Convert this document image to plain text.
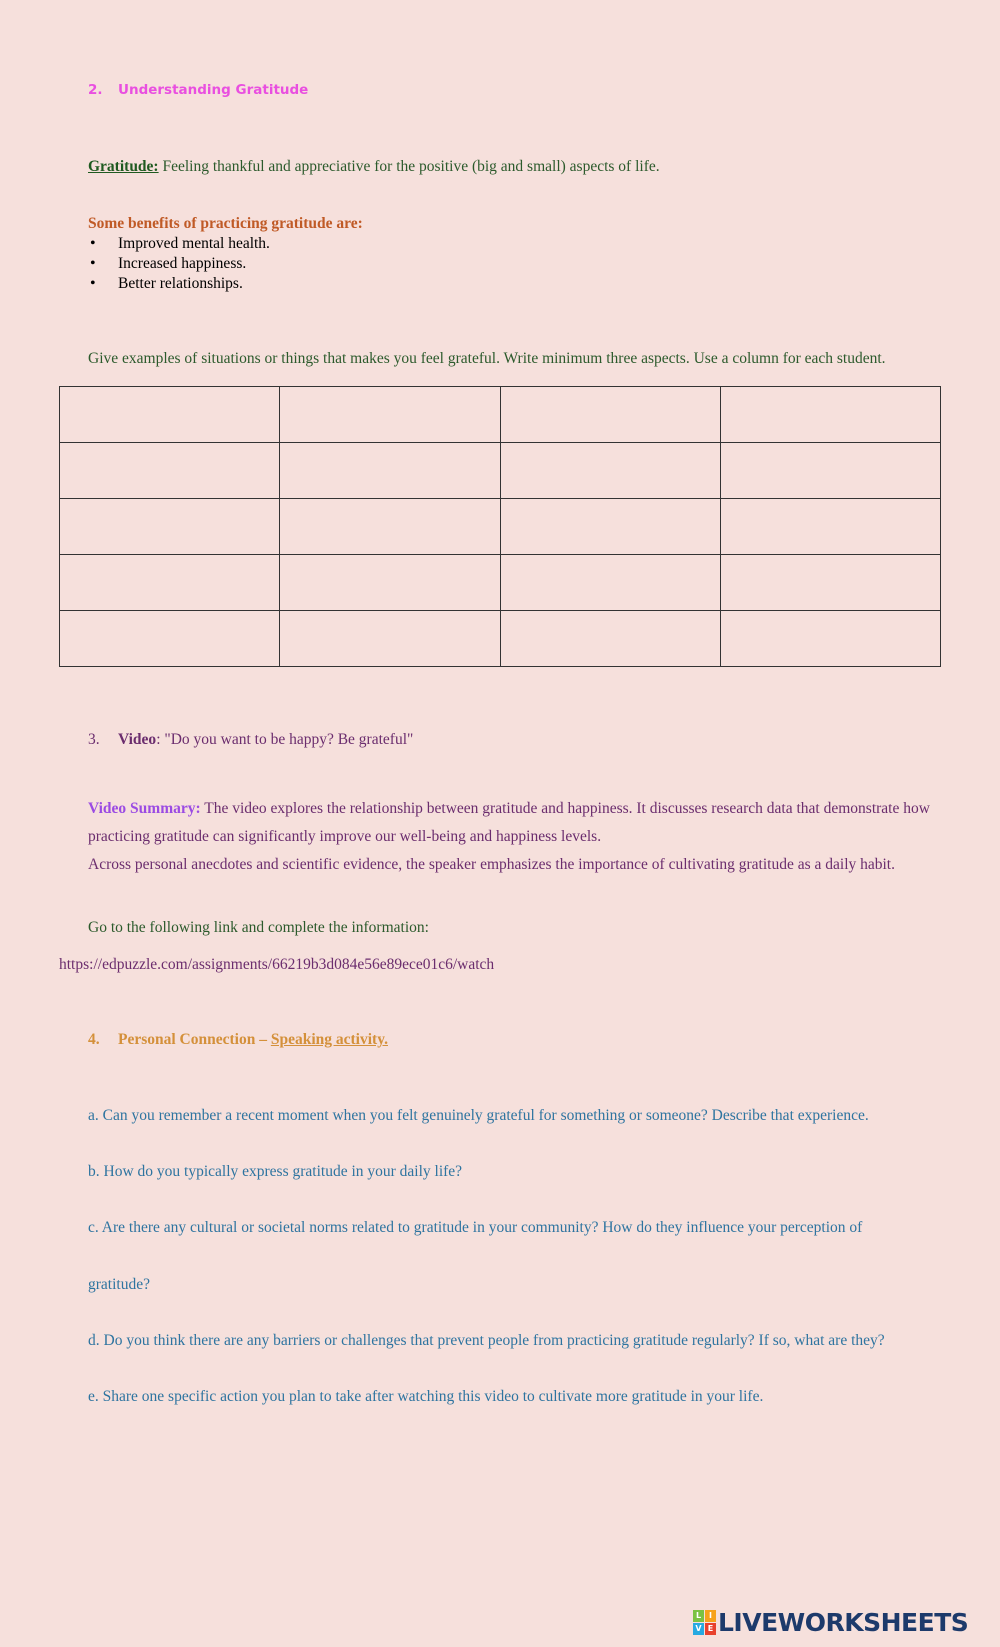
2. Understanding Gratitude
Gratitude: Feeling thankful and appreciative for the positive (big and small) aspects of life.
Some benefits of practicing gratitude are:
• Improved mental health.
• Increased happiness.
• Better relationships.
Give examples of situations or things that makes you feel grateful. Write minimum three aspects. Use a column for each student.

3. Video: "Do you want to be happy? Be grateful"
Video Summary: The video explores the relationship between gratitude and happiness. It discusses research data that demonstrate how practicing gratitude can significantly improve our well-being and happiness levels.
Across personal anecdotes and scientific evidence, the speaker emphasizes the importance of cultivating gratitude as a daily habit.
Go to the following link and complete the information:
https://edpuzzle.com/assignments/66219b3d084e56e89ece01c6/watch
4. Personal Connection – Speaking activity.
a. Can you remember a recent moment when you felt genuinely grateful for something or someone? Describe that experience.
b. How do you typically express gratitude in your daily life?
c. Are there any cultural or societal norms related to gratitude in your community? How do they influence your perception of
gratitude?
d. Do you think there are any barriers or challenges that prevent people from practicing gratitude regularly? If so, what are they?
e. Share one specific action you plan to take after watching this video to cultivate more gratitude in your life.
L I
V E LIVEWORKSHEETS
